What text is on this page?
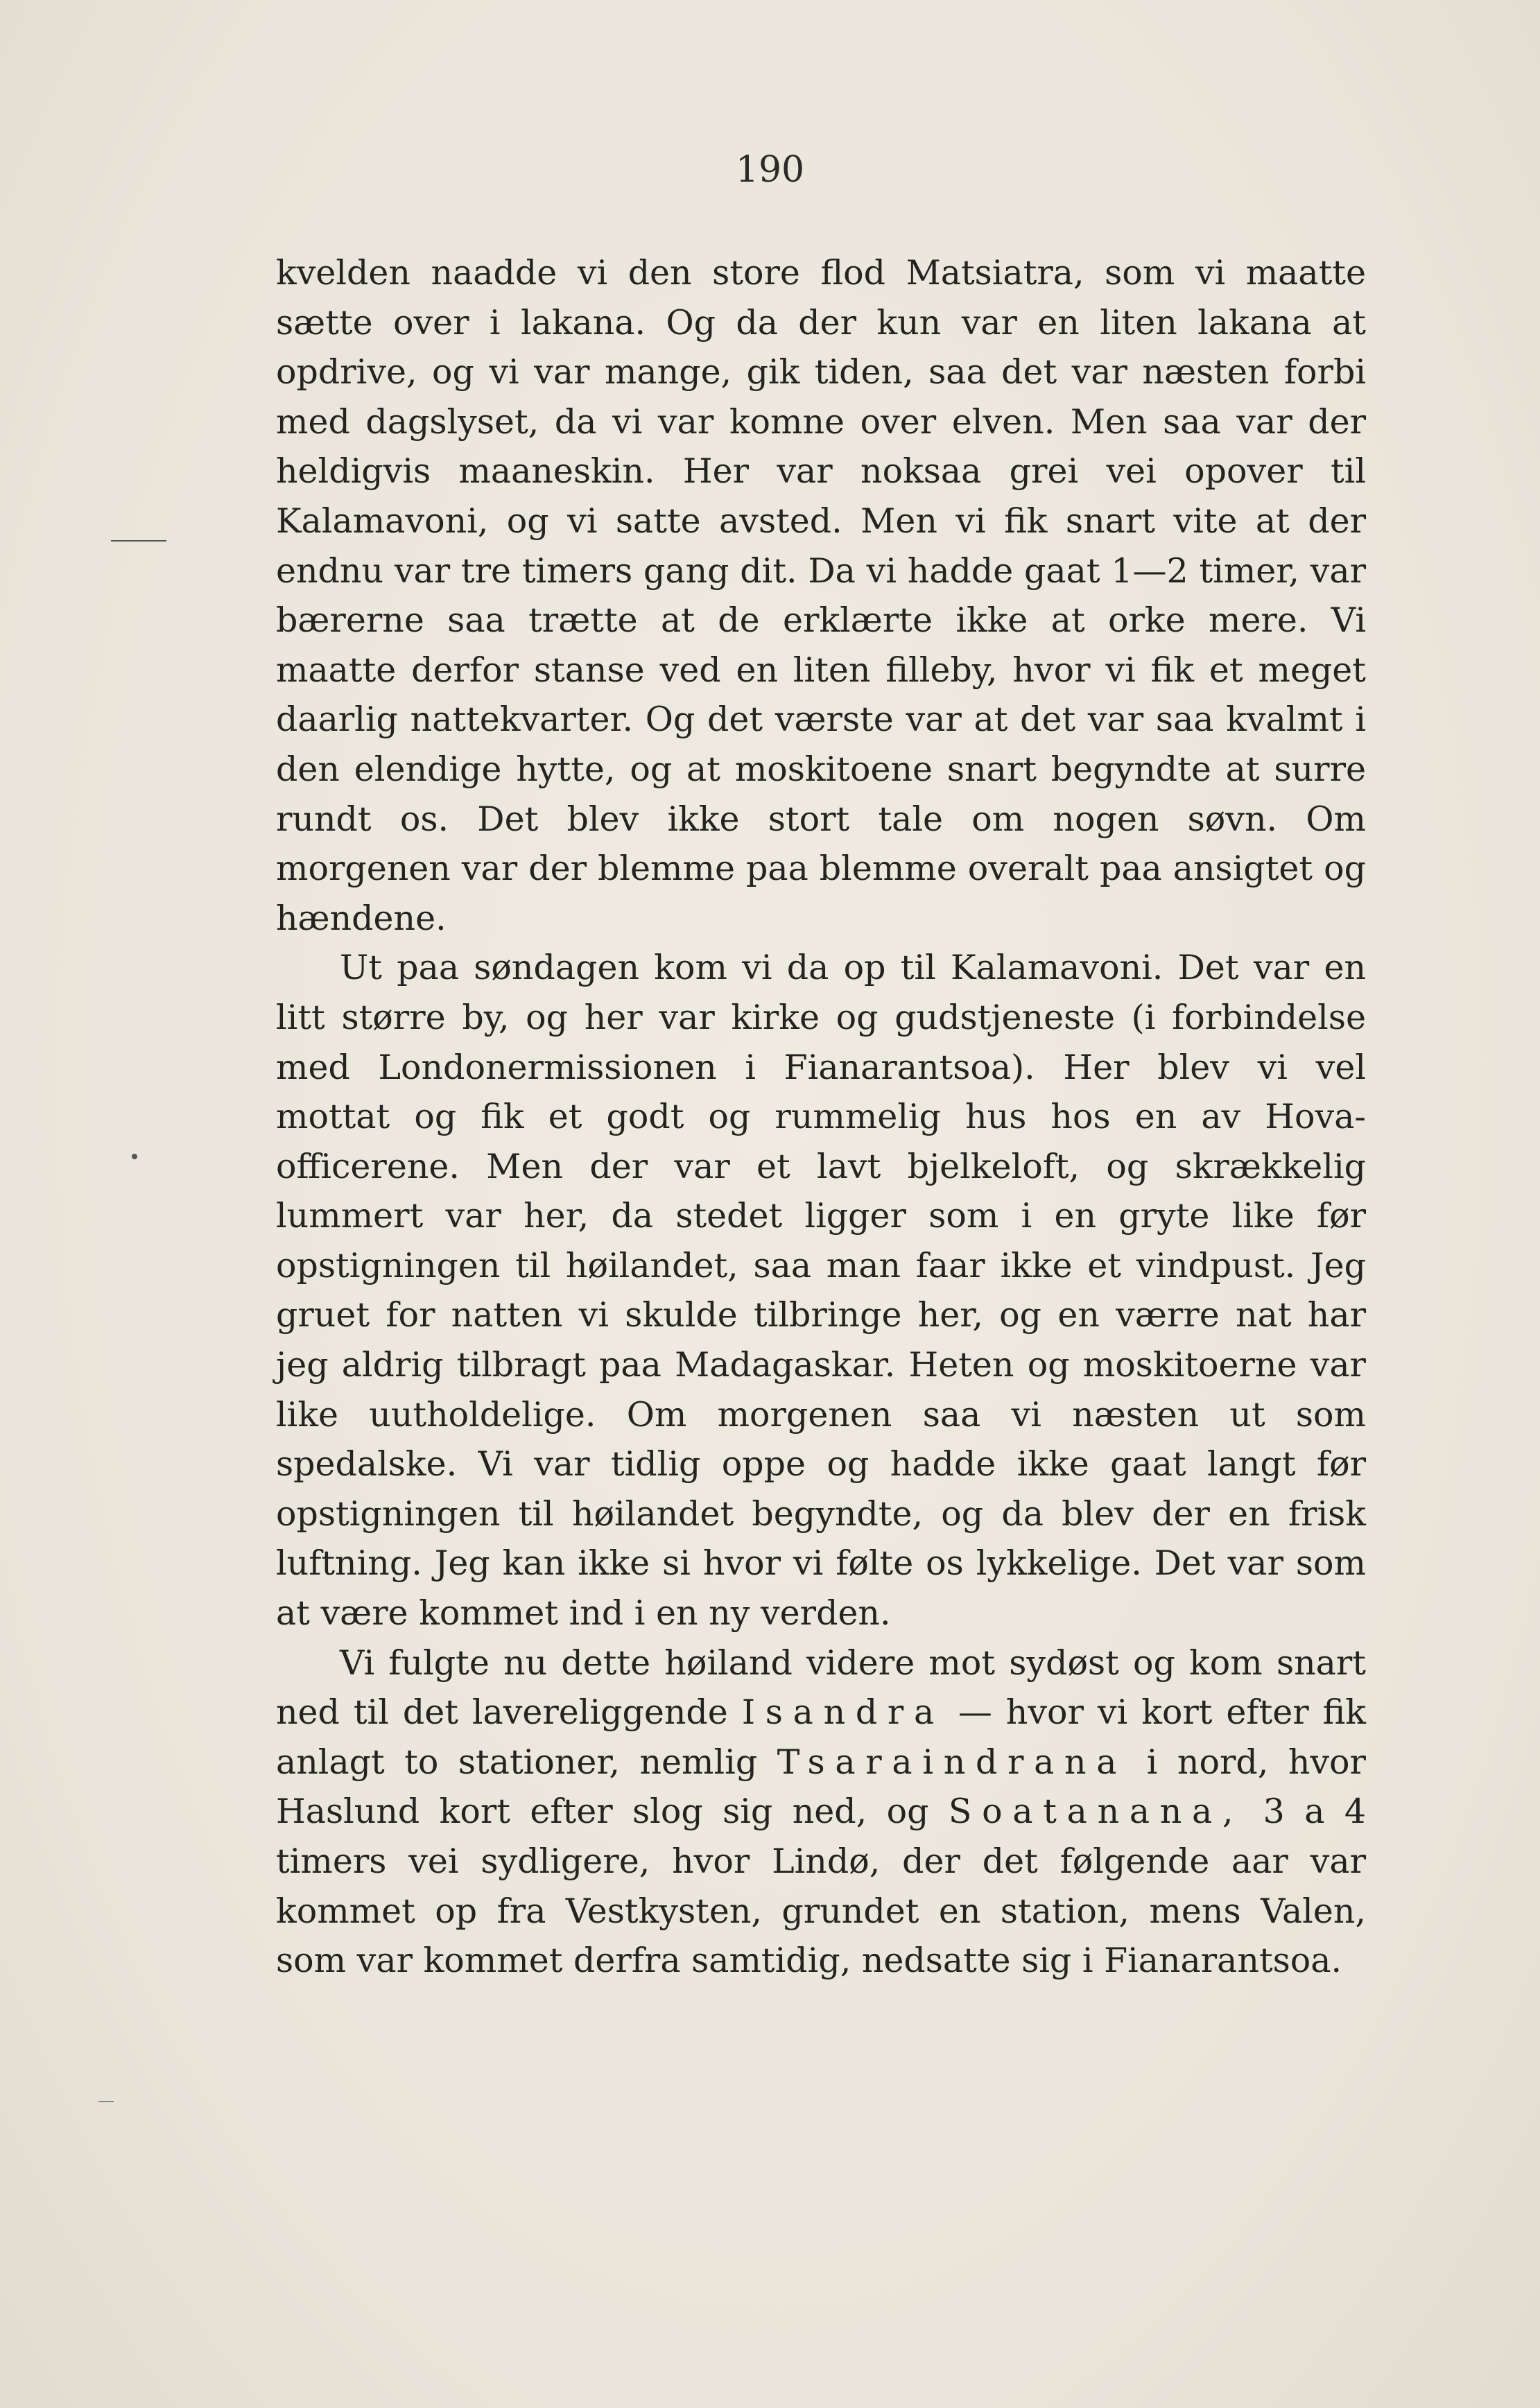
190

kvelden naadde vi den store flod Matsiatra, som vi maatte sætte over i lakana. Og da der kun var en liten lakana at opdrive, og vi var mange, gik tiden, saa det var næsten forbi med dagslyset, da vi var komne over elven. Men saa var der heldigvis maaneskin. Her var noksaa grei vei opover til Kalamavoni, og vi satte avsted. Men vi fik snart vite at der endnu var tre timers gang dit. Da vi hadde gaat 1—2 timer, var bærerne saa trætte at de erklærte ikke at orke mere. Vi maatte derfor stanse ved en liten filleby, hvor vi fik et meget daarlig nattekvarter. Og det værste var at det var saa kvalmt i den elendige hytte, og at moskitoene snart begyndte at surre rundt os. Det blev ikke stort tale om nogen søvn. Om morgenen var der blemme paa blemme overalt paa ansigtet og hændene.

Ut paa søndagen kom vi da op til Kalamavoni. Det var en litt større by, og her var kirke og gudstjeneste (i forbindelse med Londonermissionen i Fianarantsoa). Her blev vi vel mottat og fik et godt og rummelig hus hos en av Hova-officerene. Men der var et lavt bjelkeloft, og skrækkelig lummert var her, da stedet ligger som i en gryte like før opstigningen til høilandet, saa man faar ikke et vindpust. Jeg gruet for natten vi skulde tilbringe her, og en værre nat har jeg aldrig tilbragt paa Madagaskar. Heten og moskitoerne var like uutholdelige. Om morgenen saa vi næsten ut som spedalske. Vi var tidlig oppe og hadde ikke gaat langt før opstigningen til høilandet begyndte, og da blev der en frisk luftning. Jeg kan ikke si hvor vi følte os lykkelige. Det var som at være kommet ind i en ny verden.

Vi fulgte nu dette høiland videre mot sydøst og kom snart ned til det lavereliggende Isandra — hvor vi kort efter fik anlagt to stationer, nemlig Tsaraindrana i nord, hvor Haslund kort efter slog sig ned, og Soatanana, 3 a 4 timers vei sydligere, hvor Lindø, der det følgende aar var kommet op fra Vestkysten, grundet en station, mens Valen, som var kommet derfra samtidig, nedsatte sig i Fianarantsoa.
